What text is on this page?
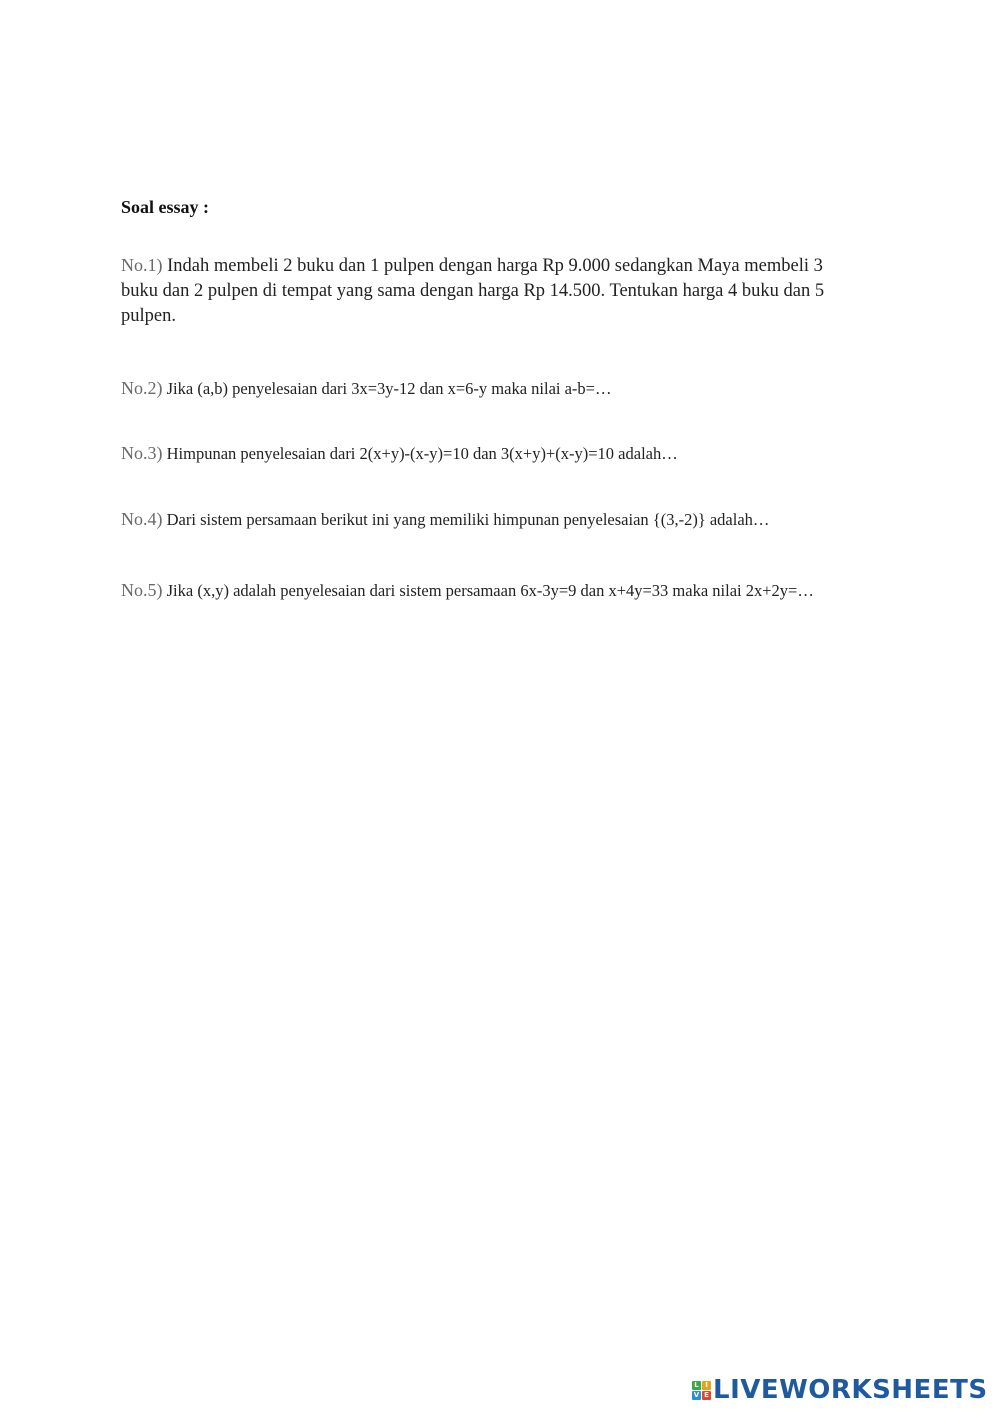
Soal essay :
No.1) Indah membeli 2 buku dan 1 pulpen dengan harga Rp 9.000 sedangkan Maya membeli 3 buku dan 2 pulpen di tempat yang sama dengan harga Rp 14.500. Tentukan harga 4 buku dan 5 pulpen.
No.2) Jika (a,b) penyelesaian dari 3x=3y-12 dan x=6-y maka nilai a-b=…
No.3) Himpunan penyelesaian dari 2(x+y)-(x-y)=10 dan 3(x+y)+(x-y)=10 adalah…
No.4) Dari sistem persamaan berikut ini yang memiliki himpunan penyelesaian {(3,-2)} adalah…
No.5) Jika (x,y) adalah penyelesaian dari sistem persamaan 6x-3y=9 dan x+4y=33 maka nilai 2x+2y=…
L I
V E LIVEWORKSHEETS
